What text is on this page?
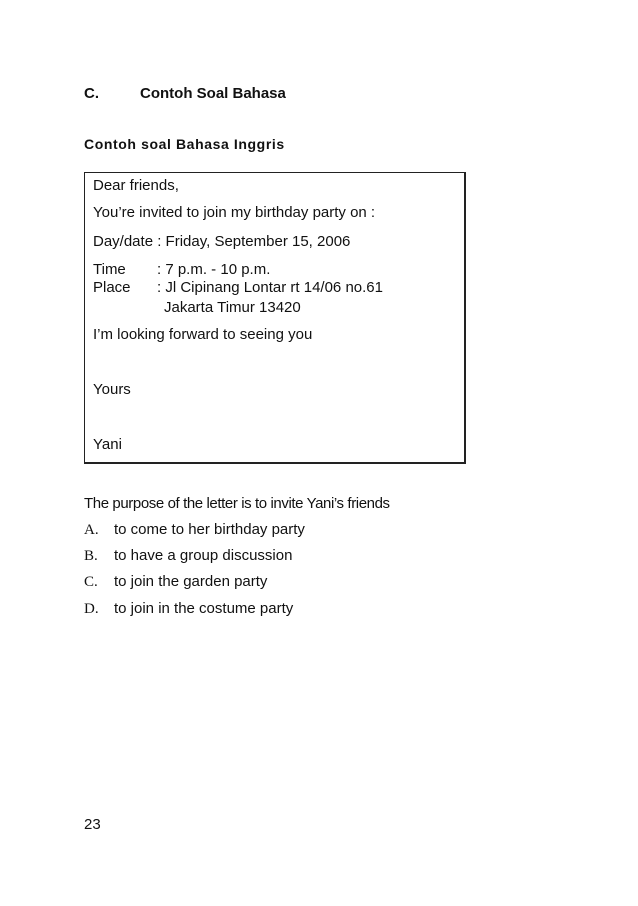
C.	Contoh Soal Bahasa
Contoh soal Bahasa Inggris
Dear friends,
You’re invited to join my birthday party on :
Day/date : Friday, September 15, 2006
Time : 7 p.m. - 10 p.m.
Place : Jl Cipinang Lontar rt 14/06 no.61
Jakarta Timur 13420
I’m looking forward to seeing you
Yours
Yani
The purpose of the letter is to invite Yani’s friends
A. to come to her birthday party
B. to have a group discussion
C. to join the garden party
D. to join in the costume party
23
